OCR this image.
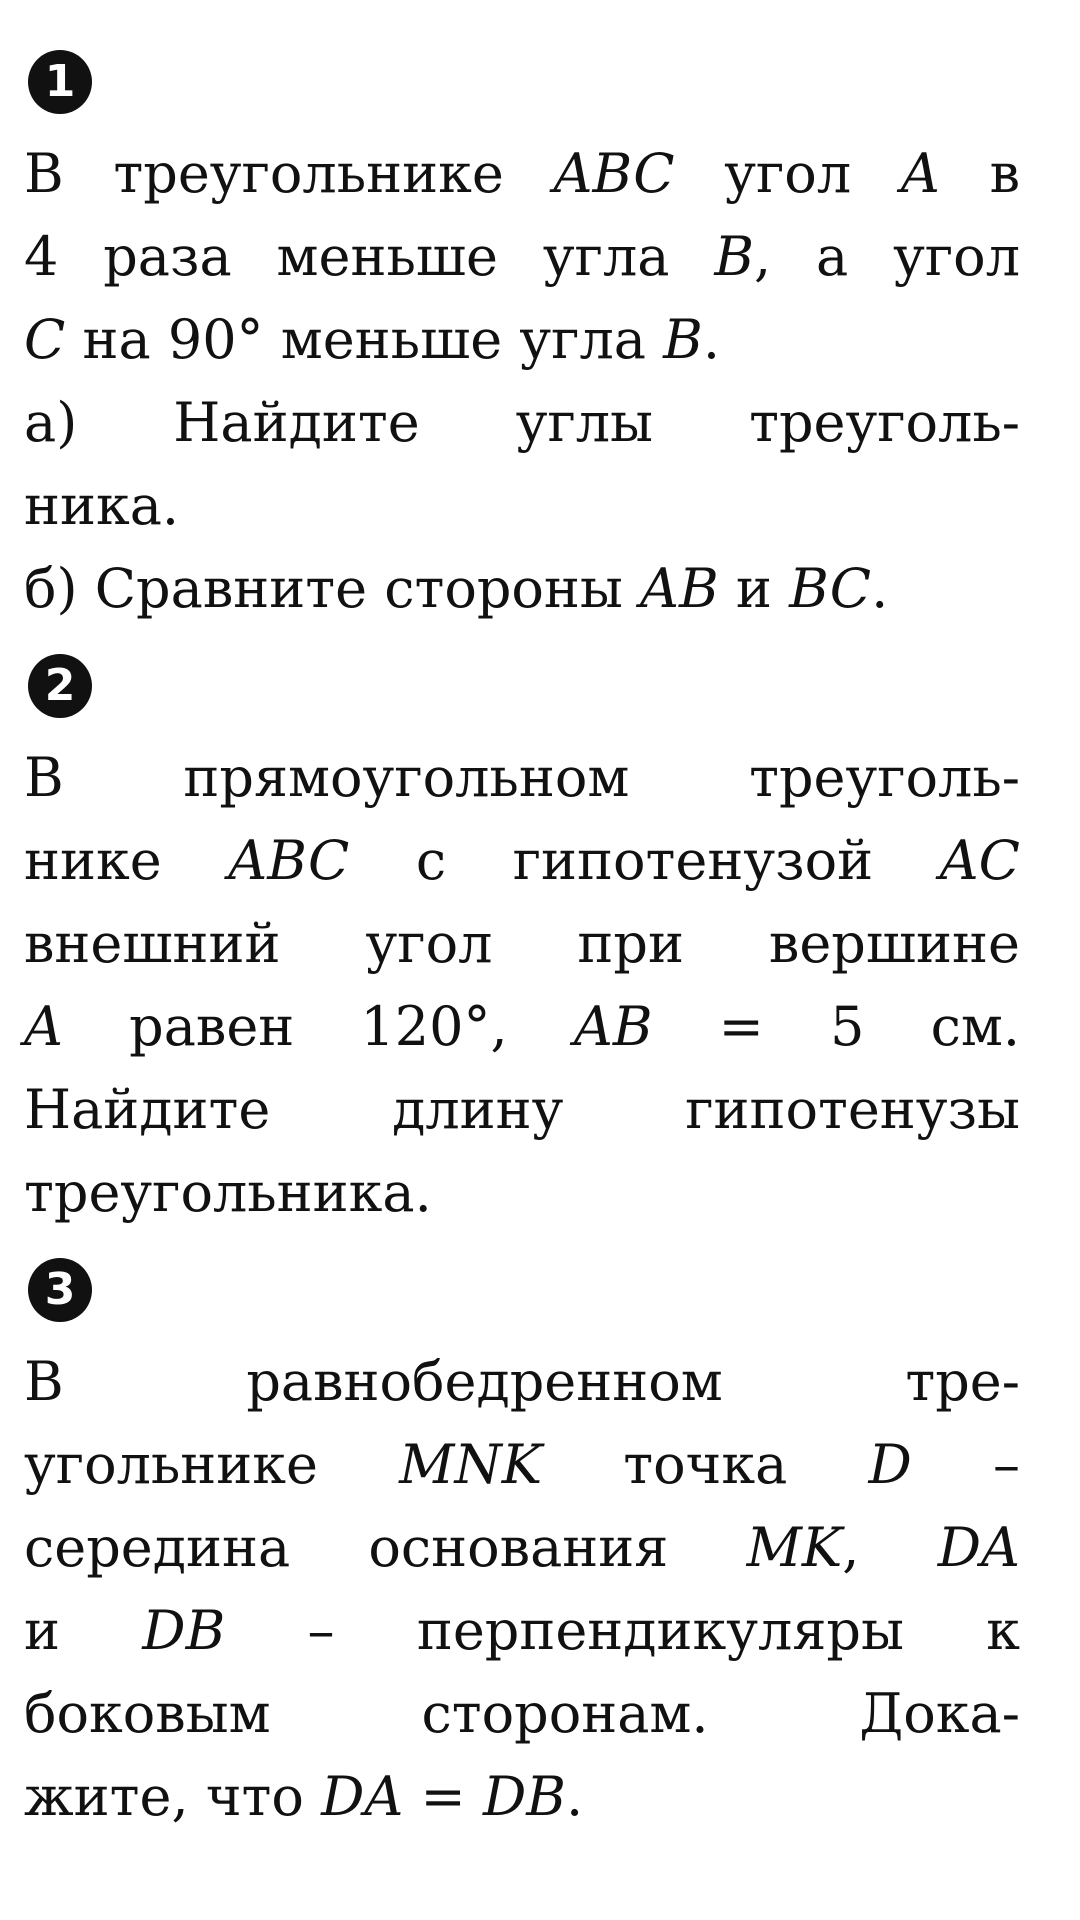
1
В треугольнике ABC угол A в
4 раза меньше угла B, а угол
C на 90° меньше угла B.
а) Найдите углы треуголь-
ника.
б) Сравните стороны AB и BC.
2
В прямоугольном треуголь-
нике ABC с гипотенузой AC
внешний угол при вершине
A равен 120°, AB = 5 см.
Найдите длину гипотенузы
треугольника.
3
В равнобедренном тре-
угольнике MNK точка D –
середина основания MK, DA
и DB – перпендикуляры к
боковым сторонам. Дока-
жите, что DA = DB.
